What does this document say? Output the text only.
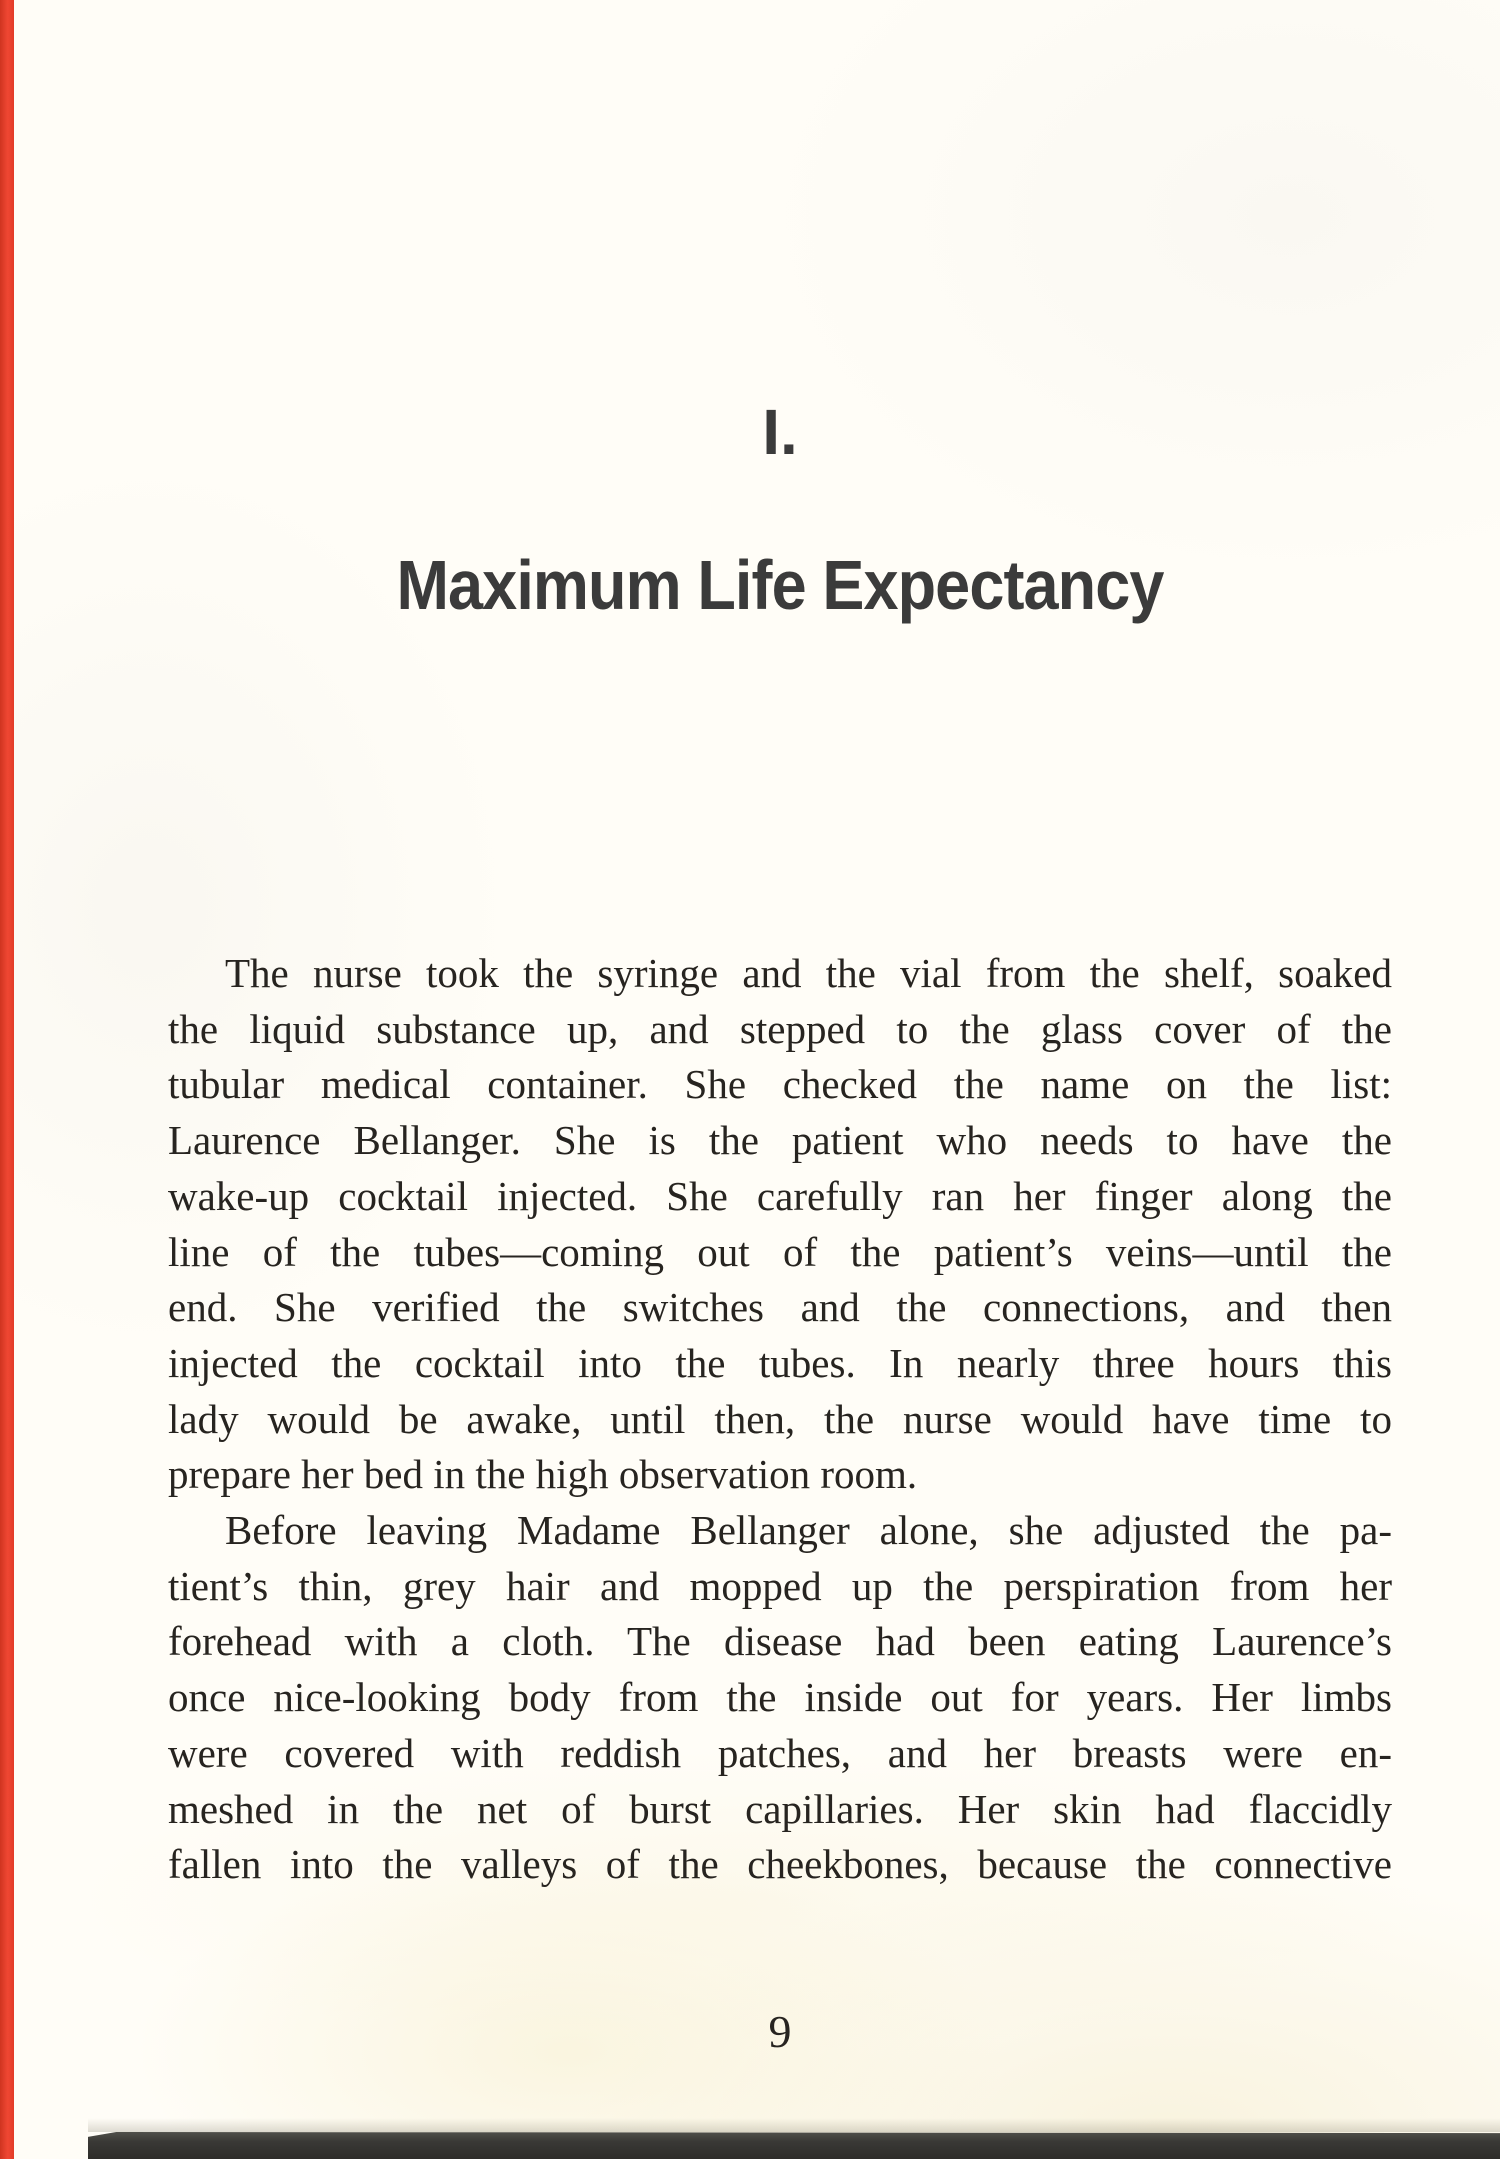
I.
Maximum Life Expectancy
The nurse took the syringe and the vial from the shelf, soaked
the liquid substance up, and stepped to the glass cover of the
tubular medical container. She checked the name on the list:
Laurence Bellanger. She is the patient who needs to have the
wake-up cocktail injected. She carefully ran her finger along the
line of the tubes—coming out of the patient’s veins—until the
end. She verified the switches and the connections, and then
injected the cocktail into the tubes. In nearly three hours this
lady would be awake, until then, the nurse would have time to
prepare her bed in the high observation room.
Before leaving Madame Bellanger alone, she adjusted the pa-
tient’s thin, grey hair and mopped up the perspiration from her
forehead with a cloth. The disease had been eating Laurence’s
once nice-looking body from the inside out for years. Her limbs
were covered with reddish patches, and her breasts were en-
meshed in the net of burst capillaries. Her skin had flaccidly
fallen into the valleys of the cheekbones, because the connective
9
